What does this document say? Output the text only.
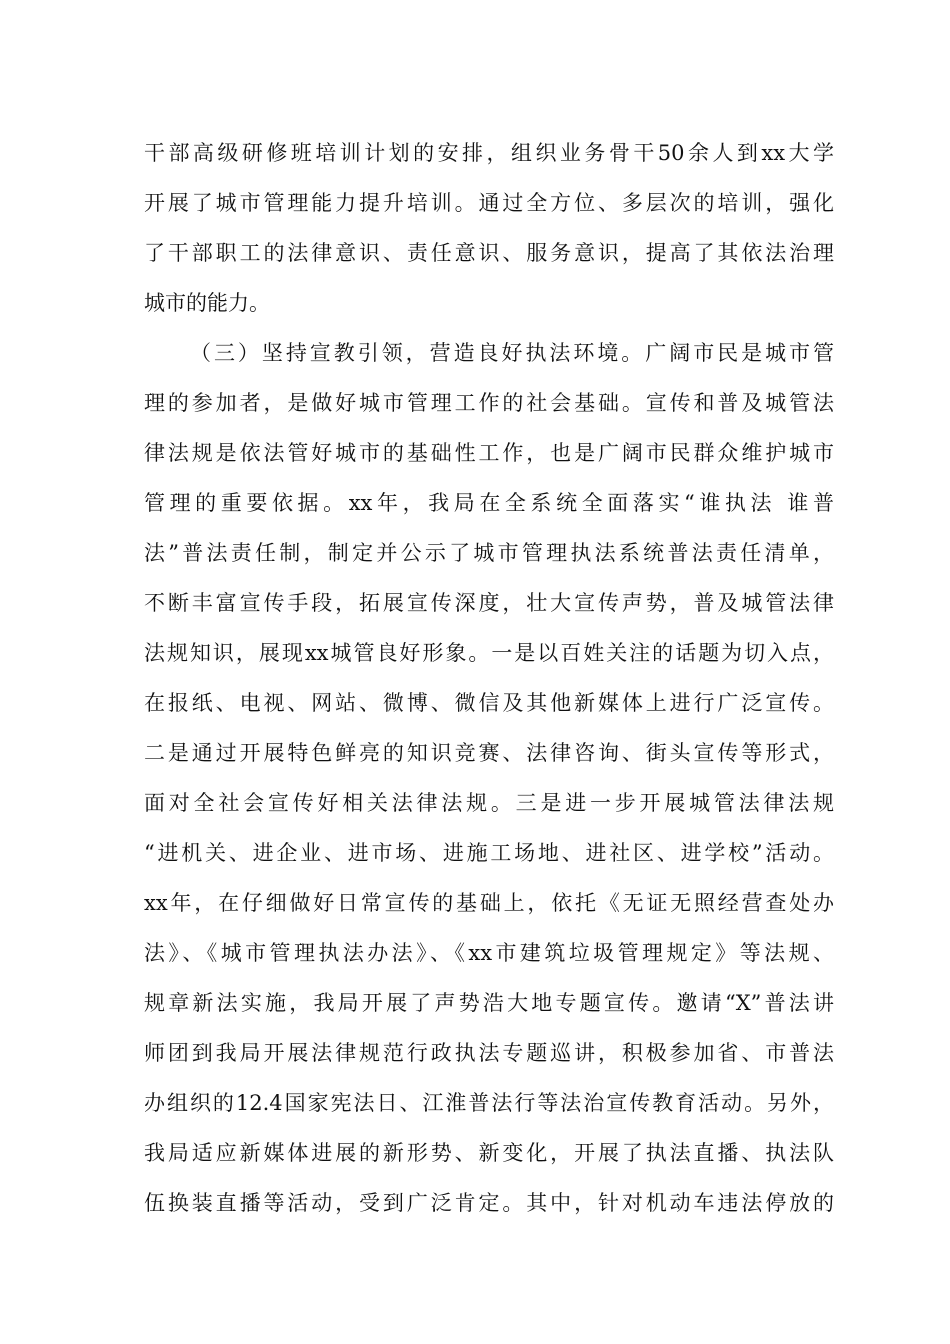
干部高级研修班培训计划的安排，组织业务骨干50余人到xx大学
开展了城市管理能力提升培训。通过全方位、多层次的培训，强化
了干部职工的法律意识、责任意识、服务意识，提高了其依法治理
城市的能力。
（三）坚持宣教引领，营造良好执法环境。广阔市民是城市管
理的参加者，是做好城市管理工作的社会基础。宣传和普及城管法
律法规是依法管好城市的基础性工作，也是广阔市民群众维护城市
管理的重要依据。xx年，我局在全系统全面落实“谁执法 谁普
法”普法责任制，制定并公示了城市管理执法系统普法责任清单，
不断丰富宣传手段，拓展宣传深度，壮大宣传声势，普及城管法律
法规知识，展现xx城管良好形象。一是以百姓关注的话题为切入点，
在报纸、电视、网站、微博、微信及其他新媒体上进行广泛宣传。
二是通过开展特色鲜亮的知识竞赛、法律咨询、街头宣传等形式，
面对全社会宣传好相关法律法规。三是进一步开展城管法律法规
“进机关、进企业、进市场、进施工场地、进社区、进学校”活动。
xx年，在仔细做好日常宣传的基础上，依托《无证无照经营查处办
法》、《城市管理执法办法》、《xx市建筑垃圾管理规定》等法规、
规章新法实施，我局开展了声势浩大地专题宣传。邀请“X”普法讲
师团到我局开展法律规范行政执法专题巡讲，积极参加省、市普法
办组织的12.4国家宪法日、江淮普法行等法治宣传教育活动。另外，
我局适应新媒体进展的新形势、新变化，开展了执法直播、执法队
伍换装直播等活动，受到广泛肯定。其中，针对机动车违法停放的
